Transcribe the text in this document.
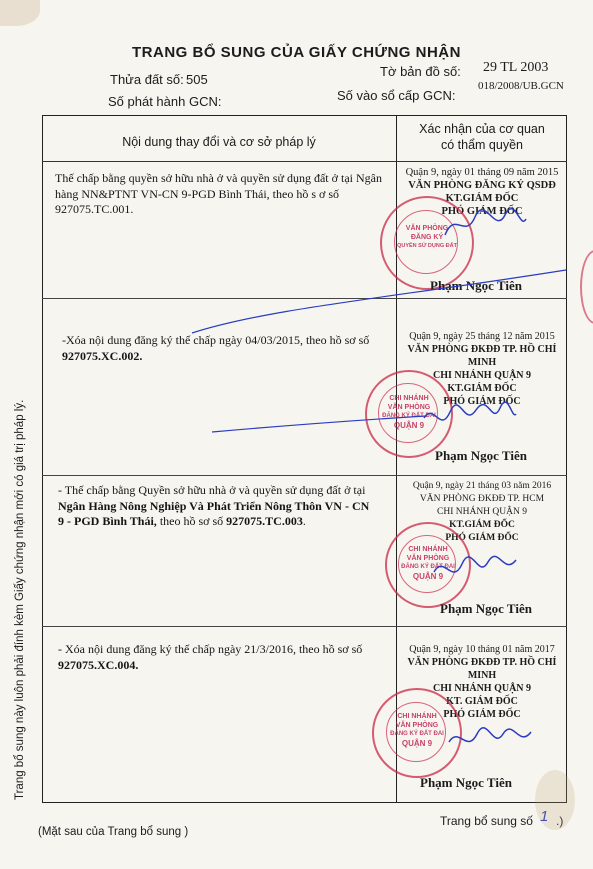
TRANG BỔ SUNG CỦA GIẤY CHỨNG NHẬN
Thửa đất số: 505
Tờ bản đồ số: 29 TL 2003
Số phát hành GCN:	Số vào sổ cấp GCN:
018/2008/UB.GCN
Nội dung thay đổi và cơ sở pháp lý
Xác nhận của cơ quan
có thẩm quyền
Trang bổ sung này luôn phải đính kèm Giấy chứng nhận mới có giá trị pháp lý.
Thế chấp bằng quyền sở hữu nhà ở và quyền sử dụng đất ở tại Ngân
hàng NN&PTNT VN-CN 9-PGD Bình Thái, theo hồ s ơ số
927075.TC.001.
Quận 9, ngày 01 tháng 09 năm 2015
VĂN PHÒNG ĐĂNG KÝ QSDĐ
KT.GIÁM ĐỐC
PHÓ GIÁM ĐỐC
VĂN PHÒNG
ĐĂNG KÝ
QUYỀN SỬ DỤNG ĐẤT
Phạm Ngọc Tiên
-Xóa nội dung đăng ký thế chấp ngày 04/03/2015, theo hồ sơ số
927075.XC.002.
Quận 9, ngày 25 tháng 12 năm 2015
VĂN PHÒNG ĐKĐĐ TP. HỒ CHÍ MINH
CHI NHÁNH QUẬN 9
KT.GIÁM ĐỐC
PHÓ GIÁM ĐỐC
CHI NHÁNH
VĂN PHÒNG
ĐĂNG KÝ ĐẤT ĐAI
QUẬN 9
Phạm Ngọc Tiên
- Thế chấp bằng Quyền sở hữu nhà ở và quyền sử dụng đất ở tại
Ngân Hàng Nông Nghiệp Và Phát Triển Nông Thôn VN - CN
9 - PGD Bình Thái, theo hồ sơ số 927075.TC.003.
Quận 9, ngày 21 tháng 03 năm 2016
VĂN PHÒNG ĐKĐĐ TP. HCM
CHI NHÁNH QUẬN 9
KT.GIÁM ĐỐC
PHÓ GIÁM ĐỐC
CHI NHÁNH
VĂN PHÒNG
ĐĂNG KÝ ĐẤT ĐAI
QUẬN 9
Phạm Ngọc Tiên
- Xóa nội dung đăng ký thế chấp ngày 21/3/2016, theo hồ sơ số
927075.XC.004.
Quận 9, ngày 10 tháng 01 năm 2017
VĂN PHÒNG ĐKĐĐ TP. HỒ CHÍ MINH
CHI NHÁNH QUẬN 9
KT. GIÁM ĐỐC
PHÓ GIÁM ĐỐC
CHI NHÁNH
VĂN PHÒNG
ĐĂNG KÝ ĐẤT ĐAI
QUẬN 9
Phạm Ngọc Tiên
Trang bổ sung số 1 .)
(Mặt sau của Trang bổ sung )
